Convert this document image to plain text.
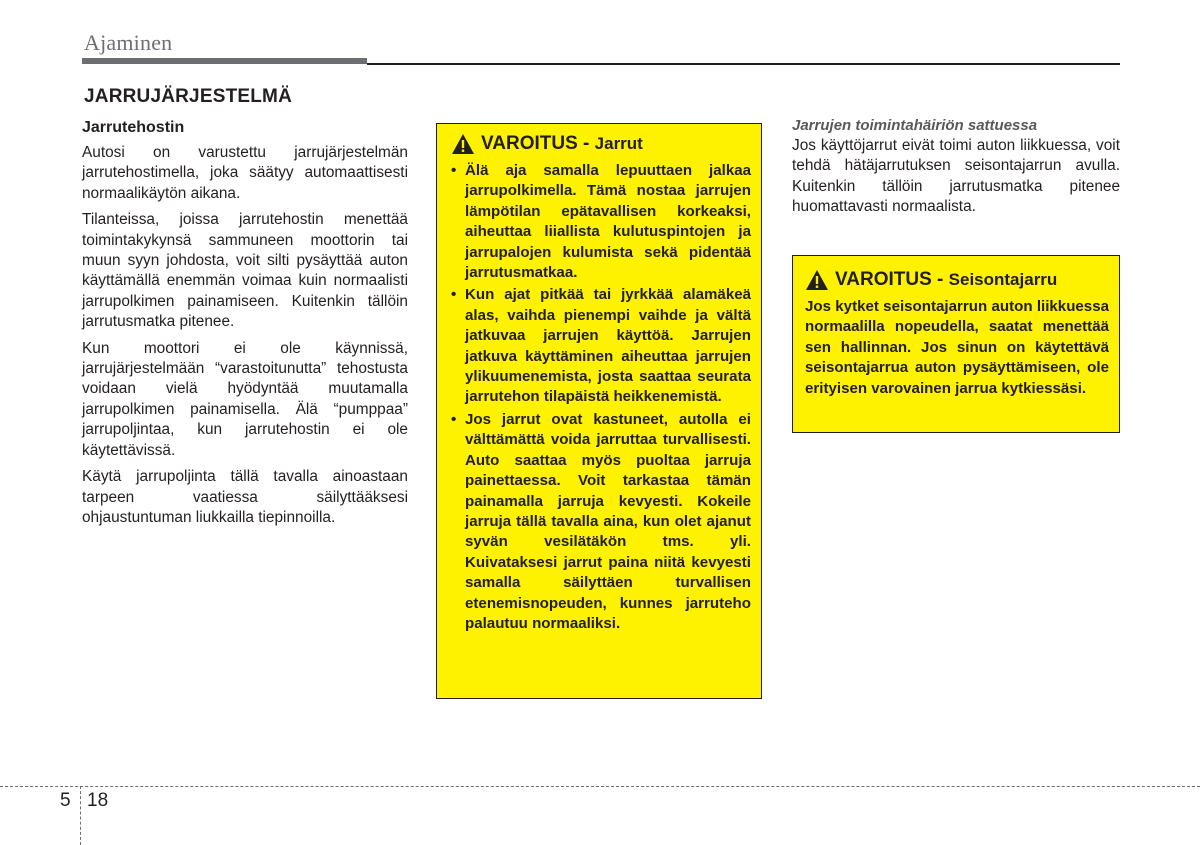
Ajaminen
JARRUJÄRJESTELMÄ
Jarrutehostin

Autosi on varustettu jarrujärjestelmän jarrutehostimella, joka säätyy automaattisesti normaalikäytön aikana.

Tilanteissa, joissa jarrutehostin menettää toimintakykynsä sammuneen moottorin tai muun syyn johdosta, voit silti pysäyttää auton käyttämällä enemmän voimaa kuin normaalisti jarrupolkimen painamiseen. Kuitenkin tällöin jarrutusmatka pitenee.

Kun moottori ei ole käynnissä, jarrujärjestelmään “varastoitunutta” tehostusta voidaan vielä hyödyntää muutamalla jarrupolkimen painamisella. Älä “pumppaa” jarrupoljintaa, kun jarrutehostin ei ole käytettävissä.

Käytä jarrupoljinta tällä tavalla ainoastaan tarpeen vaatiessa säilyttääksesi ohjaustuntuman liukkailla tiepinnoilla.

VAROITUS - Jarrut
• Älä aja samalla lepuuttaen jalkaa jarrupolkimella. Tämä nostaa jarrujen lämpötilan epätavallisen korkeaksi, aiheuttaa liiallista kulutuspintojen ja jarrupalojen kulumista sekä pidentää jarrutusmatkaa.
• Kun ajat pitkää tai jyrkkää alamäkeä alas, vaihda pienempi vaihde ja vältä jatkuvaa jarrujen käyttöä. Jarrujen jatkuva käyttäminen aiheuttaa jarrujen ylikuumenemista, josta saattaa seurata jarrutehon tilapäistä heikkenemistä.
• Jos jarrut ovat kastuneet, autolla ei välttämättä voida jarruttaa turvallisesti. Auto saattaa myös puoltaa jarruja painettaessa. Voit tarkastaa tämän painamalla jarruja kevyesti. Kokeile jarruja tällä tavalla aina, kun olet ajanut syvän vesilätäkön tms. yli. Kuivataksesi jarrut paina niitä kevyesti samalla säilyttäen turvallisen etenemisnopeuden, kunnes jarruteho palautuu normaaliksi.
Jarrujen toimintahäiriön sattuessa

Jos käyttöjarrut eivät toimi auton liikkuessa, voit tehdä hätäjarrutuksen seisontajarrun avulla. Kuitenkin tällöin jarrutusmatka pitenee huomattavasti normaalista.

VAROITUS - Seisontajarru

Jos kytket seisontajarrun auton liikkuessa normaalilla nopeudella, saatat menettää sen hallinnan. Jos sinun on käytettävä seisontajarrua auton pysäyttämiseen, ole erityisen varovainen jarrua kytkiessäsi.

5 18
